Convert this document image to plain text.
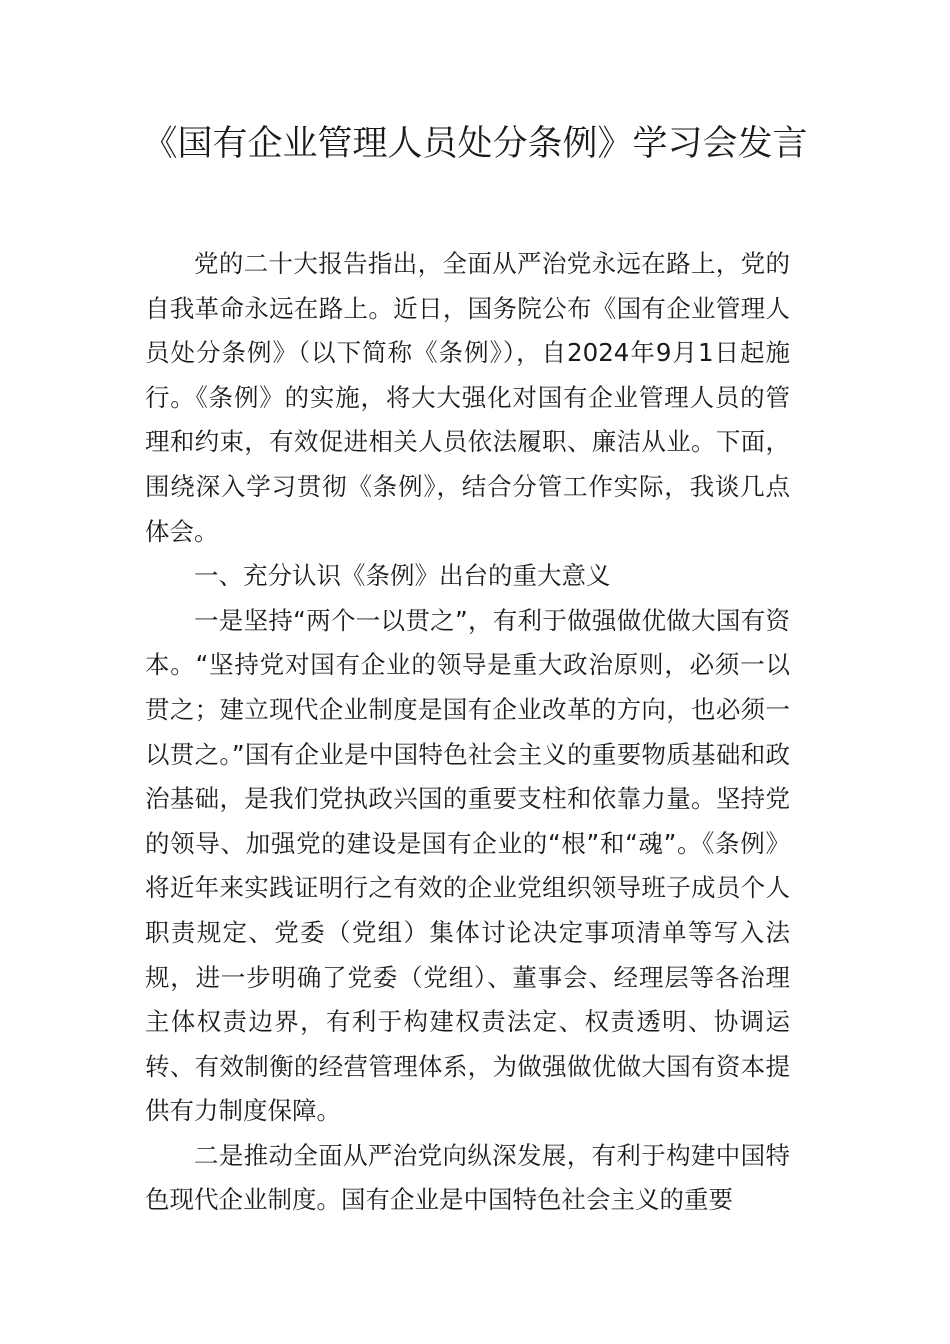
《国有企业管理人员处分条例》学习会发言

党的二十大报告指出，全面从严治党永远在路上，党的自我革命永远在路上。近日，国务院公布《国有企业管理人员处分条例》（以下简称《条例》），自2024年9月1日起施行。《条例》的实施，将大大强化对国有企业管理人员的管理和约束，有效促进相关人员依法履职、廉洁从业。下面，围绕深入学习贯彻《条例》，结合分管工作实际，我谈几点体会。

一、充分认识《条例》出台的重大意义

一是坚持“两个一以贯之”，有利于做强做优做大国有资本。“坚持党对国有企业的领导是重大政治原则，必须一以贯之；建立现代企业制度是国有企业改革的方向，也必须一以贯之。”国有企业是中国特色社会主义的重要物质基础和政治基础，是我们党执政兴国的重要支柱和依靠力量。坚持党的领导、加强党的建设是国有企业的“根”和“魂”。《条例》将近年来实践证明行之有效的企业党组织领导班子成员个人职责规定、党委（党组）集体讨论决定事项清单等写入法规，进一步明确了党委（党组）、董事会、经理层等各治理主体权责边界，有利于构建权责法定、权责透明、协调运转、有效制衡的经营管理体系，为做强做优做大国有资本提供有力制度保障。

二是推动全面从严治党向纵深发展，有利于构建中国特色现代企业制度。国有企业是中国特色社会主义的重要
